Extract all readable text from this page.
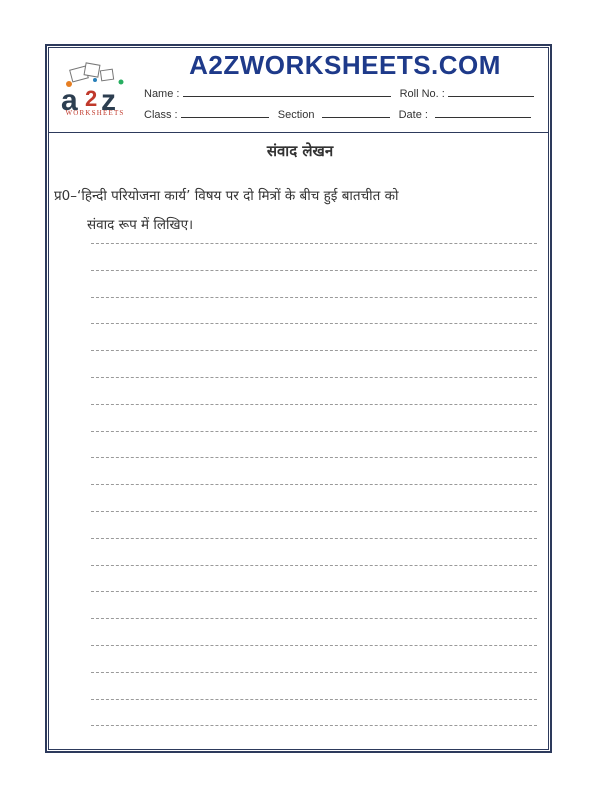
A2ZWORKSHEETS.COM
a 2 z
WORKSHEETS
Name :	Roll No. :
Class :	Section	Date :
संवाद लेखन
प्र0–‘हिन्दी परियोजना कार्य’ विषय पर दो मित्रों के बीच हुई बातचीत को
संवाद रूप में लिखिए।
